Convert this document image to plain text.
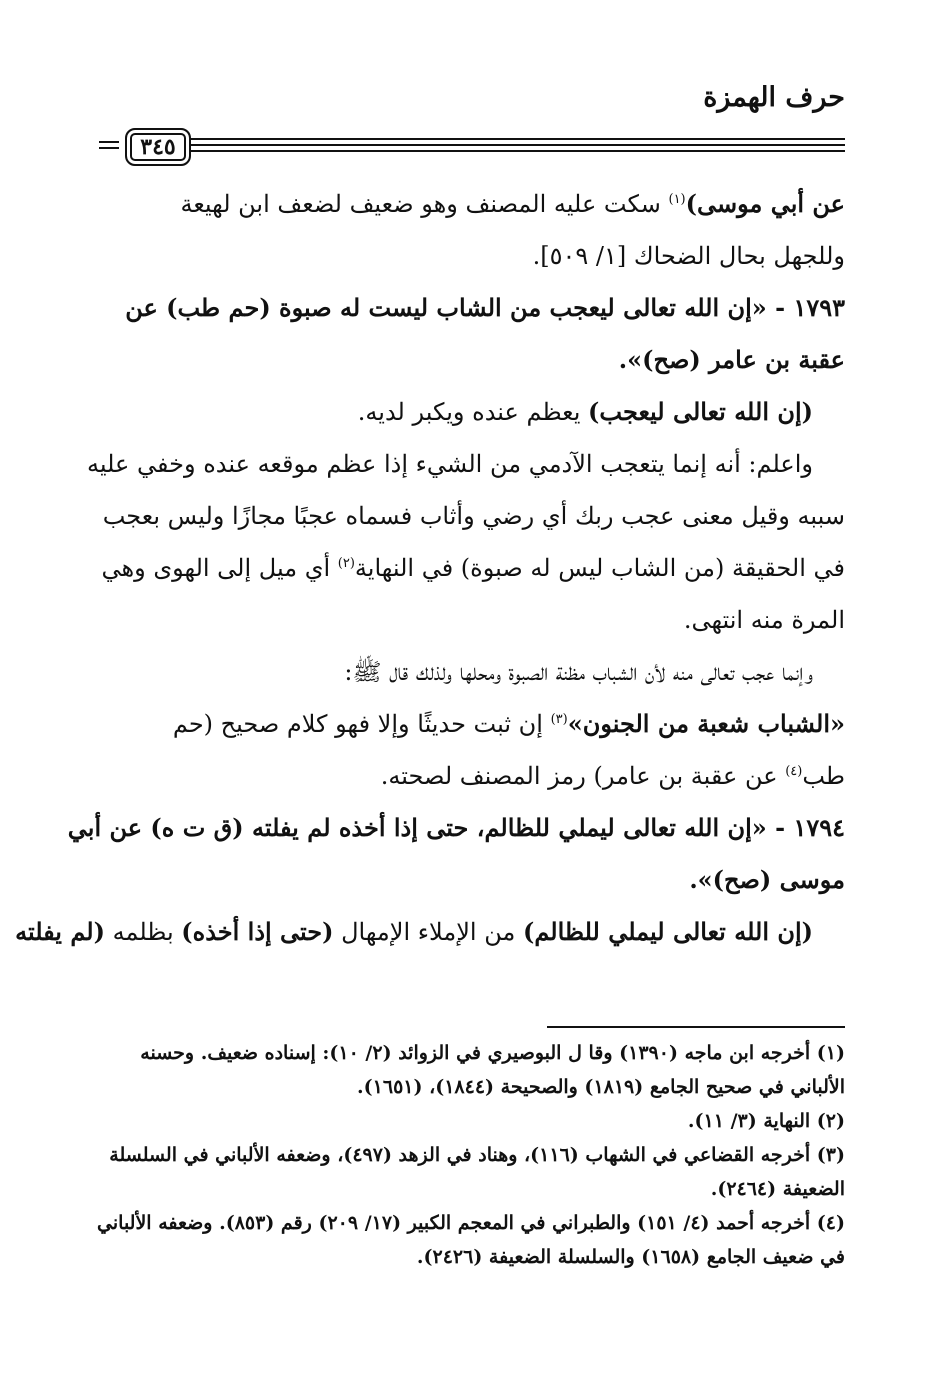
حرف الهمزة
٣٤٥
عن أبي موسى)$^{(١)}$ سكت عليه المصنف وهو ضعيف لضعف ابن لهيعة
وللجهل بحال الضحاك [١/ ٥٠٩].
١٧٩٣ - «إن الله تعالى ليعجب من الشاب ليست له صبوة (حم طب) عن
عقبة بن عامر (صح)».
(إن الله تعالى ليعجب) يعظم عنده ويكبر لديه.
واعلم: أنه إنما يتعجب الآدمي من الشيء إذا عظم موقعه عنده وخفي عليه
سببه وقيل معنى عجب ربك أي رضي وأثاب فسماه عجبًا مجازًا وليس بعجب
في الحقيقة (من الشاب ليس له صبوة) في النهاية$^{(٢)}$ أي ميل إلى الهوى وهي
المرة منه انتهى.
وإنما عجب تعالى منه لأن الشباب مظنة الصبوة ومحلها ولذلك قال ﷺ:
«الشباب شعبة من الجنون»$^{(٣)}$ إن ثبت حديثًا وإلا فهو كلام صحيح (حم
طب$^{(٤)}$ عن عقبة بن عامر) رمز المصنف لصحته.
١٧٩٤ - «إن الله تعالى ليملي للظالم، حتى إذا أخذه لم يفلته (ق ت ه) عن أبي
موسى (صح)».
(إن الله تعالى ليملي للظالم) من الإملاء الإمهال (حتى إذا أخذه) بظلمه (لم يفلته
(١) أخرجه ابن ماجه (١٣٩٠) وقا ل البوصيري في الزوائد (٢/ ١٠): إسناده ضعيف. وحسنه
الألباني في صحيح الجامع (١٨١٩) والصحيحة (١٨٤٤)، (١٦٥١).
(٢) النهاية (٣/ ١١).
(٣) أخرجه القضاعي في الشهاب (١١٦)، وهناد في الزهد (٤٩٧)، وضعفه الألباني في السلسلة
الضعيفة (٢٤٦٤).
(٤) أخرجه أحمد (٤/ ١٥١) والطبراني في المعجم الكبير (١٧/ ٢٠٩) رقم (٨٥٣). وضعفه الألباني
في ضعيف الجامع (١٦٥٨) والسلسلة الضعيفة (٢٤٢٦).
